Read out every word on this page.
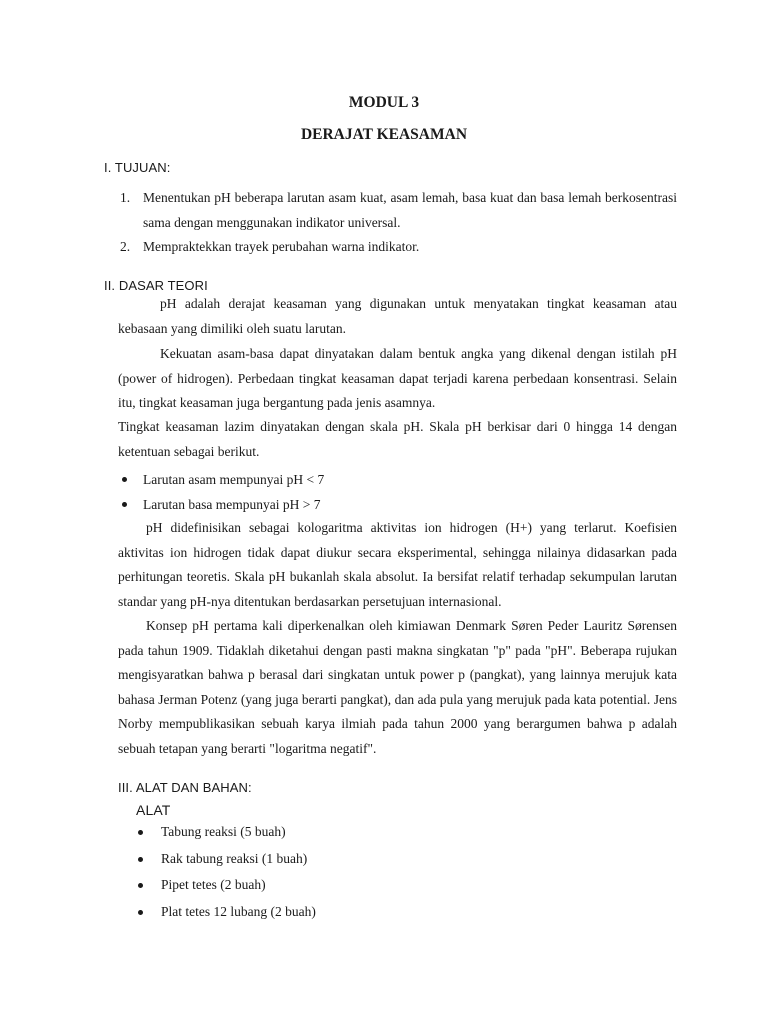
MODUL 3
DERAJAT KEASAMAN
I. TUJUAN:
1. Menentukan pH beberapa larutan asam kuat, asam lemah, basa kuat dan basa lemah berkosentrasi sama dengan menggunakan indikator universal.
2. Mempraktekkan trayek perubahan warna indikator.
II. DASAR TEORI

pH adalah derajat keasaman yang digunakan untuk menyatakan tingkat keasaman atau kebasaan yang dimiliki oleh suatu larutan.

Kekuatan asam-basa dapat dinyatakan dalam bentuk angka yang dikenal dengan istilah pH (power of hidrogen). Perbedaan tingkat keasaman dapat terjadi karena perbedaan konsentrasi. Selain itu, tingkat keasaman juga bergantung pada jenis asamnya.

Tingkat keasaman lazim dinyatakan dengan skala pH. Skala pH berkisar dari 0 hingga 14 dengan ketentuan sebagai berikut.

Larutan asam mempunyai pH < 7
Larutan basa mempunyai pH > 7

pH didefinisikan sebagai kologaritma aktivitas ion hidrogen (H+) yang terlarut. Koefisien aktivitas ion hidrogen tidak dapat diukur secara eksperimental, sehingga nilainya didasarkan pada perhitungan teoretis. Skala pH bukanlah skala absolut. Ia bersifat relatif terhadap sekumpulan larutan standar yang pH-nya ditentukan berdasarkan persetujuan internasional.

Konsep pH pertama kali diperkenalkan oleh kimiawan Denmark Søren Peder Lauritz Sørensen pada tahun 1909. Tidaklah diketahui dengan pasti makna singkatan "p" pada "pH". Beberapa rujukan mengisyaratkan bahwa p berasal dari singkatan untuk power p (pangkat), yang lainnya merujuk kata bahasa Jerman Potenz (yang juga berarti pangkat), dan ada pula yang merujuk pada kata potential. Jens Norby mempublikasikan sebuah karya ilmiah pada tahun 2000 yang berargumen bahwa p adalah sebuah tetapan yang berarti "logaritma negatif".

III. ALAT DAN BAHAN:
ALAT
Tabung reaksi (5 buah)
Rak tabung reaksi (1 buah)
Pipet tetes (2 buah)
Plat tetes 12 lubang (2 buah)
